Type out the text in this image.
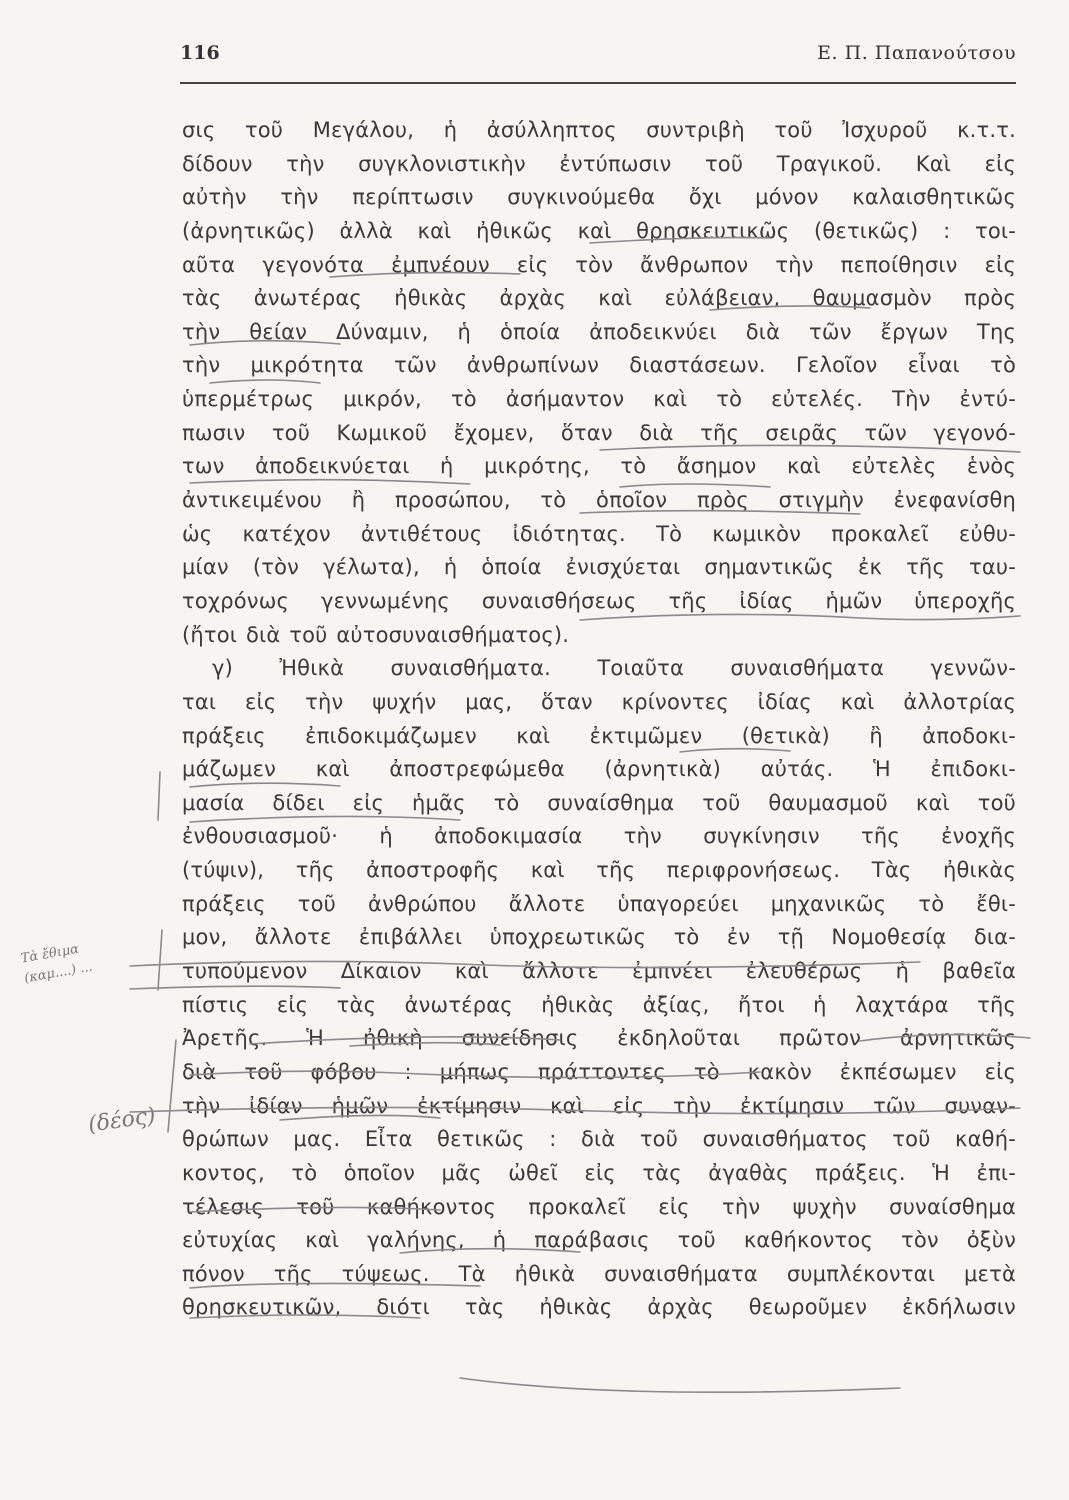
116	Ε. Π. Παπανούτσου
σις τοῦ Μεγάλου, ἡ ἀσύλληπτος συντριβὴ τοῦ Ἰσχυροῦ κ.τ.τ.
δίδουν τὴν συγκλονιστικὴν ἐντύπωσιν τοῦ Τραγικοῦ. Καὶ εἰς
αὐτὴν τὴν περίπτωσιν συγκινούμεθα ὄχι μόνον καλαισθητικῶς
(ἀρνητικῶς) ἀλλὰ καὶ ἠθικῶς καὶ θρησκευτικῶς (θετικῶς) : τοι-
αῦτα γεγονότα ἐμπνέουν εἰς τὸν ἄνθρωπον τὴν πεποίθησιν εἰς
τὰς ἀνωτέρας ἠθικὰς ἀρχὰς καὶ εὐλάβειαν, θαυμασμὸν πρὸς
τὴν θείαν Δύναμιν, ἡ ὁποία ἀποδεικνύει διὰ τῶν ἔργων Της
τὴν μικρότητα τῶν ἀνθρωπίνων διαστάσεων. Γελοῖον εἶναι τὸ
ὑπερμέτρως μικρόν, τὸ ἀσήμαντον καὶ τὸ εὐτελές. Τὴν ἐντύ-
πωσιν τοῦ Κωμικοῦ ἔχομεν, ὅταν διὰ τῆς σειρᾶς τῶν γεγονό-
των ἀποδεικνύεται ἡ μικρότης, τὸ ἄσημον καὶ εὐτελὲς ἑνὸς
ἀντικειμένου ἢ προσώπου, τὸ ὁποῖον πρὸς στιγμὴν ἐνεφανίσθη
ὡς κατέχον ἀντιθέτους ἰδιότητας. Τὸ κωμικὸν προκαλεῖ εὐθυ-
μίαν (τὸν γέλωτα), ἡ ὁποία ἐνισχύεται σημαντικῶς ἐκ τῆς ταυ-
τοχρόνως γεννωμένης συναισθήσεως τῆς ἰδίας ἡμῶν ὑπεροχῆς
(ἤτοι διὰ τοῦ αὐτοσυναισθήματος).
γ) Ἠθικὰ συναισθήματα. Τοιαῦτα συναισθήματα γεννῶν-
ται εἰς τὴν ψυχήν μας, ὅταν κρίνοντες ἰδίας καὶ ἀλλοτρίας
πράξεις ἐπιδοκιμάζωμεν καὶ ἐκτιμῶμεν (θετικὰ) ἢ ἀποδοκι-
μάζωμεν καὶ ἀποστρεφώμεθα (ἀρνητικὰ) αὐτάς. Ἡ ἐπιδοκι-
μασία δίδει εἰς ἡμᾶς τὸ συναίσθημα τοῦ θαυμασμοῦ καὶ τοῦ
ἐνθουσιασμοῦ· ἡ ἀποδοκιμασία τὴν συγκίνησιν τῆς ἐνοχῆς
(τύψιν), τῆς ἀποστροφῆς καὶ τῆς περιφρονήσεως. Τὰς ἠθικὰς
πράξεις τοῦ ἀνθρώπου ἄλλοτε ὑπαγορεύει μηχανικῶς τὸ ἔθι-
μον, ἄλλοτε ἐπιβάλλει ὑποχρεωτικῶς τὸ ἐν τῇ Νομοθεσίᾳ δια-
τυπούμενον Δίκαιον καὶ ἄλλοτε ἐμπνέει ἐλευθέρως ἡ βαθεῖα
πίστις εἰς τὰς ἀνωτέρας ἠθικὰς ἀξίας, ἤτοι ἡ λαχτάρα τῆς
Ἀρετῆς. Ἡ ἠθικὴ συνείδησις ἐκδηλοῦται πρῶτον ἀρνητικῶς
διὰ τοῦ φόβου : μήπως πράττοντες τὸ κακὸν ἐκπέσωμεν εἰς
τὴν ἰδίαν ἡμῶν ἐκτίμησιν καὶ εἰς τὴν ἐκτίμησιν τῶν συναν-
θρώπων μας. Εἶτα θετικῶς : διὰ τοῦ συναισθήματος τοῦ καθή-
κοντος, τὸ ὁποῖον μᾶς ὠθεῖ εἰς τὰς ἀγαθὰς πράξεις. Ἡ ἐπι-
τέλεσις τοῦ καθήκοντος προκαλεῖ εἰς τὴν ψυχὴν συναίσθημα
εὐτυχίας καὶ γαλήνης, ἡ παράβασις τοῦ καθήκοντος τὸν ὀξὺν
πόνον τῆς τύψεως. Τὰ ἠθικὰ συναισθήματα συμπλέκονται μετὰ
θρησκευτικῶν, διότι τὰς ἠθικὰς ἀρχὰς θεωροῦμεν ἐκδήλωσιν
Τὰ ἔθιμα (καμ....) ...
(δέος)
